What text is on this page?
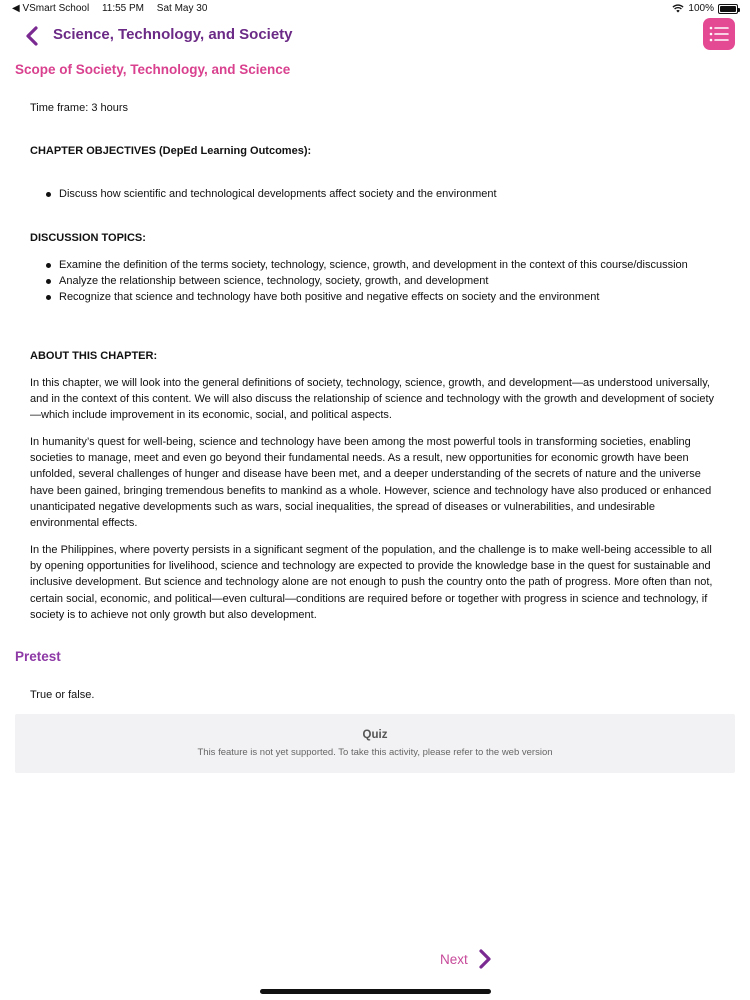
◀ VSmart School 11:55 PM Sat May 30	100%
Science, Technology, and Society
Scope of Society, Technology, and Science
Time frame: 3 hours
CHAPTER OBJECTIVES (DepEd Learning Outcomes):
Discuss how scientific and technological developments affect society and the environment
DISCUSSION TOPICS:
Examine the definition of the terms society, technology, science, growth, and development in the context of this course/discussion
Analyze the relationship between science, technology, society, growth, and development
Recognize that science and technology have both positive and negative effects on society and the environment
ABOUT THIS CHAPTER:
In this chapter, we will look into the general definitions of society, technology, science, growth, and development—as understood universally, and in the context of this content. We will also discuss the relationship of science and technology with the growth and development of society—which include improvement in its economic, social, and political aspects.
In humanity’s quest for well-being, science and technology have been among the most powerful tools in transforming societies, enabling societies to manage, meet and even go beyond their fundamental needs. As a result, new opportunities for economic growth have been unfolded, several challenges of hunger and disease have been met, and a deeper understanding of the secrets of nature and the universe have been gained, bringing tremendous benefits to mankind as a whole. However, science and technology have also produced or enhanced unanticipated negative developments such as wars, social inequalities, the spread of diseases or vulnerabilities, and undesirable environmental effects.
In the Philippines, where poverty persists in a significant segment of the population, and the challenge is to make well-being accessible to all by opening opportunities for livelihood, science and technology are expected to provide the knowledge base in the quest for sustainable and inclusive development. But science and technology alone are not enough to push the country onto the path of progress. More often than not, certain social, economic, and political—even cultural—conditions are required before or together with progress in science and technology, if society is to achieve not only growth but also development.
Pretest
True or false.
Quiz
This feature is not yet supported. To take this activity, please refer to the web version
Next
